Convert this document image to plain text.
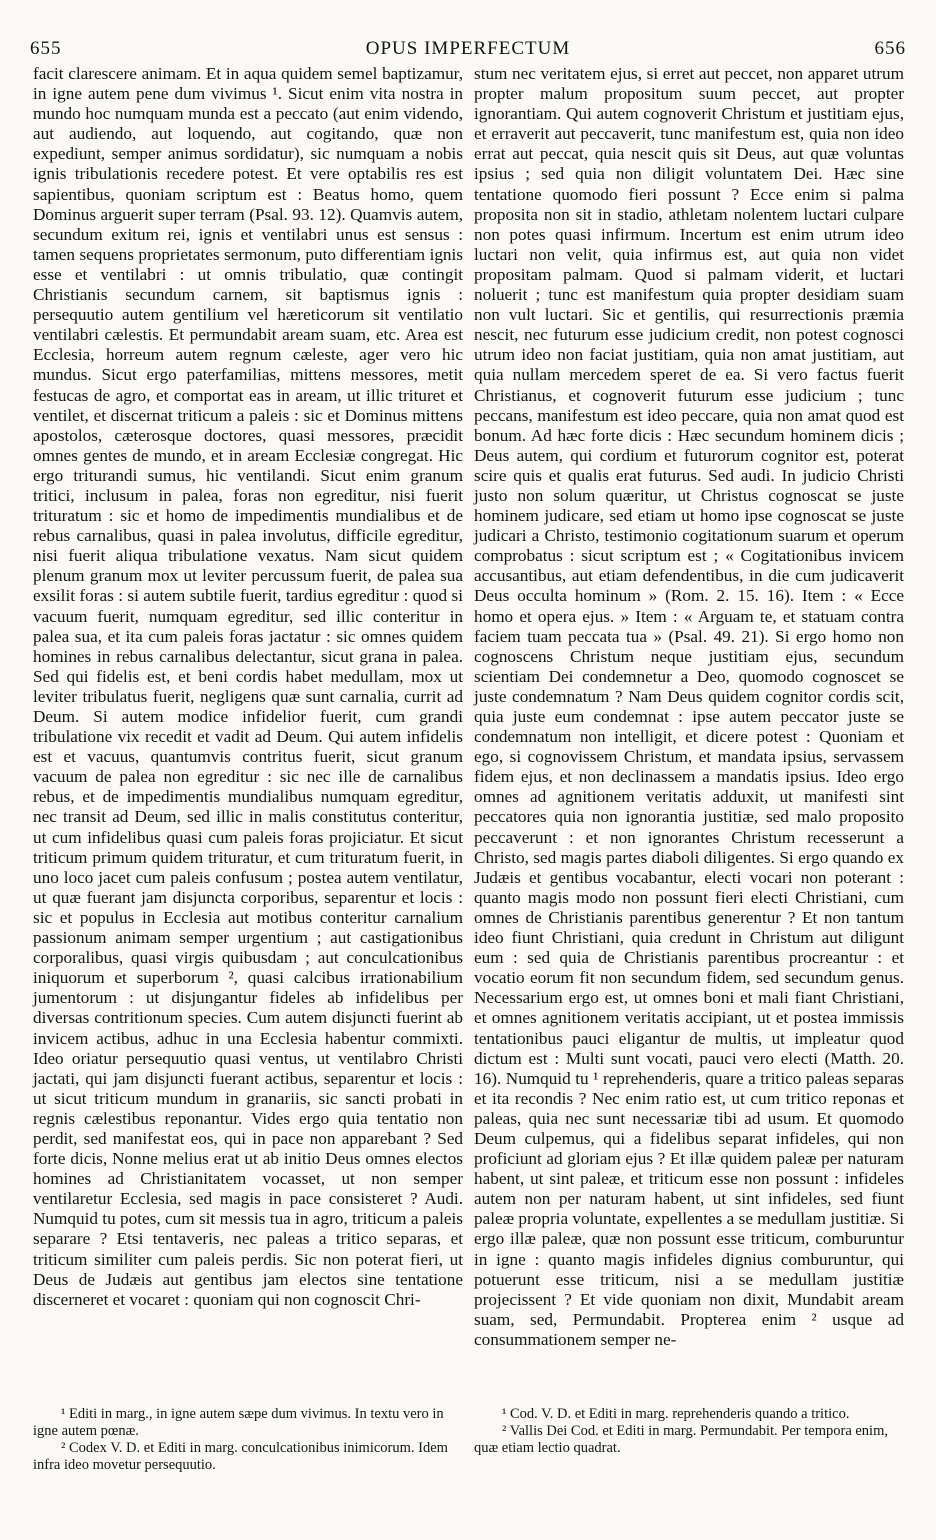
655	OPUS IMPERFECTUM	656

facit clarescere animam. Et in aqua quidem semel baptizamur, in igne autem pene dum vivimus ¹. Sicut enim vita nostra in mundo hoc numquam munda est a peccato (aut enim videndo, aut audiendo, aut loquendo, aut cogitando, quæ non expediunt, semper animus sordidatur), sic numquam a nobis ignis tribulationis recedere potest. Et vere optabilis res est sapientibus, quoniam scriptum est : Beatus homo, quem Dominus arguerit super terram (Psal. 93. 12). Quamvis autem, secundum exitum rei, ignis et ventilabri unus est sensus : tamen sequens proprietates sermonum, puto differentiam ignis esse et ventilabri : ut omnis tribulatio, quæ contingit Christianis secundum carnem, sit baptismus ignis : persequutio autem gentilium vel hæreticorum sit ventilatio ventilabri cælestis. Et permundabit aream suam, etc. Area est Ecclesia, horreum autem regnum cæleste, ager vero hic mundus. Sicut ergo paterfamilias, mittens messores, metit festucas de agro, et comportat eas in aream, ut illic trituret et ventilet, et discernat triticum a paleis : sic et Dominus mittens apostolos, cæterosque doctores, quasi messores, præcidit omnes gentes de mundo, et in aream Ecclesiæ congregat. Hic ergo triturandi sumus, hic ventilandi. Sicut enim granum tritici, inclusum in palea, foras non egreditur, nisi fuerit trituratum : sic et homo de impedimentis mundialibus et de rebus carnalibus, quasi in palea involutus, difficile egreditur, nisi fuerit aliqua tribulatione vexatus. Nam sicut quidem plenum granum mox ut leviter percussum fuerit, de palea sua exsilit foras : si autem subtile fuerit, tardius egreditur : quod si vacuum fuerit, numquam egreditur, sed illic conteritur in palea sua, et ita cum paleis foras jactatur : sic omnes quidem homines in rebus carnalibus delectantur, sicut grana in palea. Sed qui fidelis est, et beni cordis habet medullam, mox ut leviter tribulatus fuerit, negligens quæ sunt carnalia, currit ad Deum. Si autem modice infidelior fuerit, cum grandi tribulatione vix recedit et vadit ad Deum. Qui autem infidelis est et vacuus, quantumvis contritus fuerit, sicut granum vacuum de palea non egreditur : sic nec ille de carnalibus rebus, et de impedimentis mundialibus numquam egreditur, nec transit ad Deum, sed illic in malis constitutus conteritur, ut cum infidelibus quasi cum paleis foras projiciatur. Et sicut triticum primum quidem trituratur, et cum trituratum fuerit, in uno loco jacet cum paleis confusum ; postea autem ventilatur, ut quæ fuerant jam disjuncta corporibus, separentur et locis : sic et populus in Ecclesia aut motibus conteritur carnalium passionum animam semper urgentium ; aut castigationibus corporalibus, quasi virgis quibusdam ; aut conculcationibus iniquorum et superborum ², quasi calcibus irrationabilium jumentorum : ut disjungantur fideles ab infidelibus per diversas contritionum species. Cum autem disjuncti fuerint ab invicem actibus, adhuc in una Ecclesia habentur commixti. Ideo oriatur persequutio quasi ventus, ut ventilabro Christi jactati, qui jam disjuncti fuerant actibus, separentur et locis : ut sicut triticum mundum in granariis, sic sancti probati in regnis cælestibus reponantur. Vides ergo quia tentatio non perdit, sed manifestat eos, qui in pace non apparebant ? Sed forte dicis, Nonne melius erat ut ab initio Deus omnes electos homines ad Christianitatem vocasset, ut non semper ventilaretur Ecclesia, sed magis in pace consisteret ? Audi. Numquid tu potes, cum sit messis tua in agro, triticum a paleis separare ? Etsi tentaveris, nec paleas a tritico separas, et triticum similiter cum paleis perdis. Sic non poterat fieri, ut Deus de Judæis aut gentibus jam electos sine tentatione discerneret et vocaret : quoniam qui non cognoscit Chri-

stum nec veritatem ejus, si erret aut peccet, non apparet utrum propter malum propositum suum peccet, aut propter ignorantiam. Qui autem cognoverit Christum et justitiam ejus, et erraverit aut peccaverit, tunc manifestum est, quia non ideo errat aut peccat, quia nescit quis sit Deus, aut quæ voluntas ipsius ; sed quia non diligit voluntatem Dei. Hæc sine tentatione quomodo fieri possunt ? Ecce enim si palma proposita non sit in stadio, athletam nolentem luctari culpare non potes quasi infirmum. Incertum est enim utrum ideo luctari non velit, quia infirmus est, aut quia non videt propositam palmam. Quod si palmam viderit, et luctari noluerit ; tunc est manifestum quia propter desidiam suam non vult luctari. Sic et gentilis, qui resurrectionis præmia nescit, nec futurum esse judicium credit, non potest cognosci utrum ideo non faciat justitiam, quia non amat justitiam, aut quia nullam mercedem speret de ea. Si vero factus fuerit Christianus, et cognoverit futurum esse judicium ; tunc peccans, manifestum est ideo peccare, quia non amat quod est bonum. Ad hæc forte dicis : Hæc secundum hominem dicis ; Deus autem, qui cordium et futurorum cognitor est, poterat scire quis et qualis erat futurus. Sed audi. In judicio Christi justo non solum quæritur, ut Christus cognoscat se juste hominem judicare, sed etiam ut homo ipse cognoscat se juste judicari a Christo, testimonio cogitationum suarum et operum comprobatus : sicut scriptum est ; « Cogitationibus invicem accusantibus, aut etiam defendentibus, in die cum judicaverit Deus occulta hominum » (Rom. 2. 15. 16). Item : « Ecce homo et opera ejus. » Item : « Arguam te, et statuam contra faciem tuam peccata tua » (Psal. 49. 21). Si ergo homo non cognoscens Christum neque justitiam ejus, secundum scientiam Dei condemnetur a Deo, quomodo cognoscet se juste condemnatum ? Nam Deus quidem cognitor cordis scit, quia juste eum condemnat : ipse autem peccator juste se condemnatum non intelligit, et dicere potest : Quoniam et ego, si cognovissem Christum, et mandata ipsius, servassem fidem ejus, et non declinassem a mandatis ipsius. Ideo ergo omnes ad agnitionem veritatis adduxit, ut manifesti sint peccatores quia non ignorantia justitiæ, sed malo proposito peccaverunt : et non ignorantes Christum recesserunt a Christo, sed magis partes diaboli diligentes. Si ergo quando ex Judæis et gentibus vocabantur, electi vocari non poterant : quanto magis modo non possunt fieri electi Christiani, cum omnes de Christianis parentibus generentur ? Et non tantum ideo fiunt Christiani, quia credunt in Christum aut diligunt eum : sed quia de Christianis parentibus procreantur : et vocatio eorum fit non secundum fidem, sed secundum genus. Necessarium ergo est, ut omnes boni et mali fiant Christiani, et omnes agnitionem veritatis accipiant, ut et postea immissis tentationibus pauci eligantur de multis, ut impleatur quod dictum est : Multi sunt vocati, pauci vero electi (Matth. 20. 16). Numquid tu ¹ reprehenderis, quare a tritico paleas separas et ita recondis ? Nec enim ratio est, ut cum tritico reponas et paleas, quia nec sunt necessariæ tibi ad usum. Et quomodo Deum culpemus, qui a fidelibus separat infideles, qui non proficiunt ad gloriam ejus ? Et illæ quidem paleæ per naturam habent, ut sint paleæ, et triticum esse non possunt : infideles autem non per naturam habent, ut sint infideles, sed fiunt paleæ propria voluntate, expellentes a se medullam justitiæ. Si ergo illæ paleæ, quæ non possunt esse triticum, comburuntur in igne : quanto magis infideles dignius comburuntur, qui potuerunt esse triticum, nisi a se medullam justitiæ projecissent ? Et vide quoniam non dixit, Mundabit aream suam, sed, Permundabit. Propterea enim ² usque ad consummationem semper ne-

¹ Editi in marg., in igne autem sæpe dum vivimus. In textu vero in igne autem pœnæ.

² Codex V. D. et Editi in marg. conculcationibus inimicorum. Idem infra ideo movetur persequutio.

¹ Cod. V. D. et Editi in marg. reprehenderis quando a tritico.

² Vallis Dei Cod. et Editi in marg. Permundabit. Per tempora enim, quæ etiam lectio quadrat.
